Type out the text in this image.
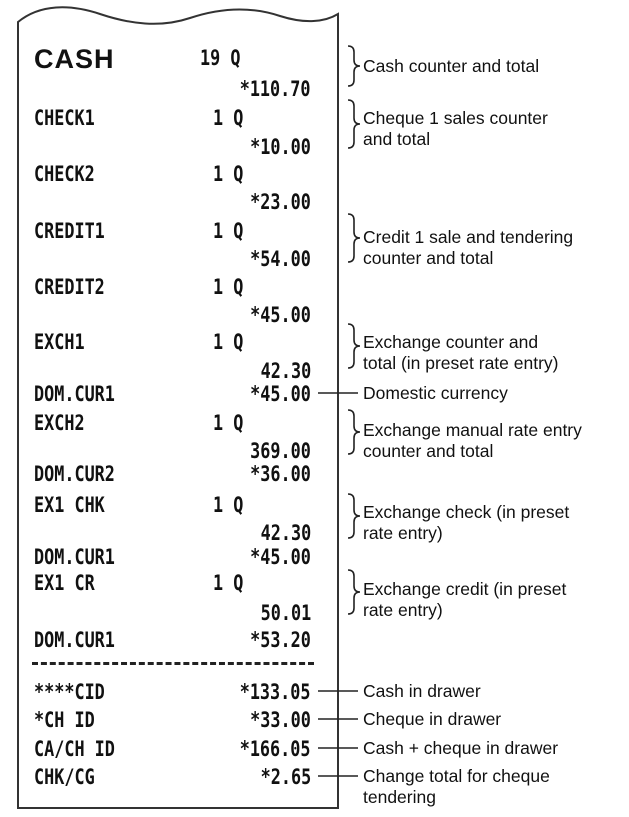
CASH	19 Q
*110.70
CHECK1	1 Q
*10.00
CHECK2	1 Q
*23.00
CREDIT1	1 Q
*54.00
CREDIT2	1 Q
*45.00
EXCH1	1 Q
42.30
DOM.CUR1	*45.00
EXCH2	1 Q
369.00
DOM.CUR2	*36.00
EX1 CHK	1 Q
42.30
DOM.CUR1	*45.00
EX1 CR	1 Q
50.01
DOM.CUR1	*53.20
****CID	*133.05
*CH ID	*33.00
CA/CH ID	*166.05
CHK/CG	*2.65
Cash counter and total
Cheque 1 sales counter
and total
Credit 1 sale and tendering
counter and total
Exchange counter and
total (in preset rate entry)
Domestic currency
Exchange manual rate entry
counter and total
Exchange check (in preset
rate entry)
Exchange credit (in preset
rate entry)
Cash in drawer
Cheque in drawer
Cash + cheque in drawer
Change total for cheque
tendering
